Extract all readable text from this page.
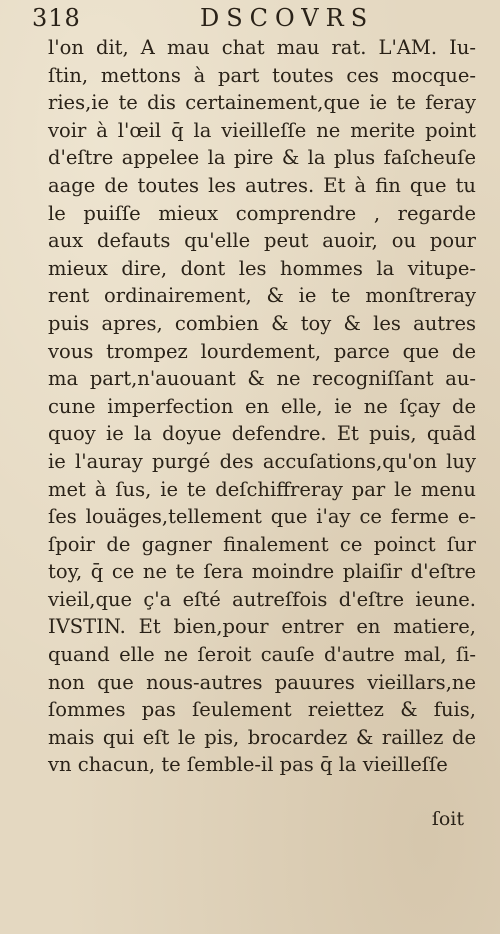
318	DSCOVRS
l'on dit, A mau chat mau rat. L'AM. Iu-
ſtin, mettons à part toutes ces mocque-
ries,ie te dis certainement,que ie te feray
voir à l'œil q̄ la vieilleſſe ne merite point
d'eſtre appelee la pire & la plus faſcheuſe
aage de toutes les autres. Et à fin que tu
le puiſſe mieux comprendre , regarde
aux defauts qu'elle peut auoir, ou pour
mieux dire, dont les hommes la vitupe-
rent ordinairement, & ie te monſtreray
puis apres, combien & toy & les autres
vous trompez lourdement, parce que de
ma part,n'auouant & ne recogniſſant au-
cune imperfection en elle, ie ne ſçay de
quoy ie la doyue defendre. Et puis, quād
ie l'auray purgé des accuſations,qu'on luy
met à ſus, ie te deſchiffreray par le menu
ſes louäges,tellement que i'ay ce ferme e-
ſpoir de gagner finalement ce poinct ſur
toy, q̄ ce ne te ſera moindre plaiſir d'eſtre
vieil,que ç'a eſté autreſfois d'eſtre ieune.
IVSTIN. Et bien,pour entrer en matiere,
quand elle ne ſeroit cauſe d'autre mal, ſi-
non que nous-autres pauures vieillars,ne
ſommes pas ſeulement reiettez & fuis,
mais qui eſt le pis, brocardez & raillez de
vn chacun, te ſemble-il pas q̄ la vieilleſſe
ſoit
